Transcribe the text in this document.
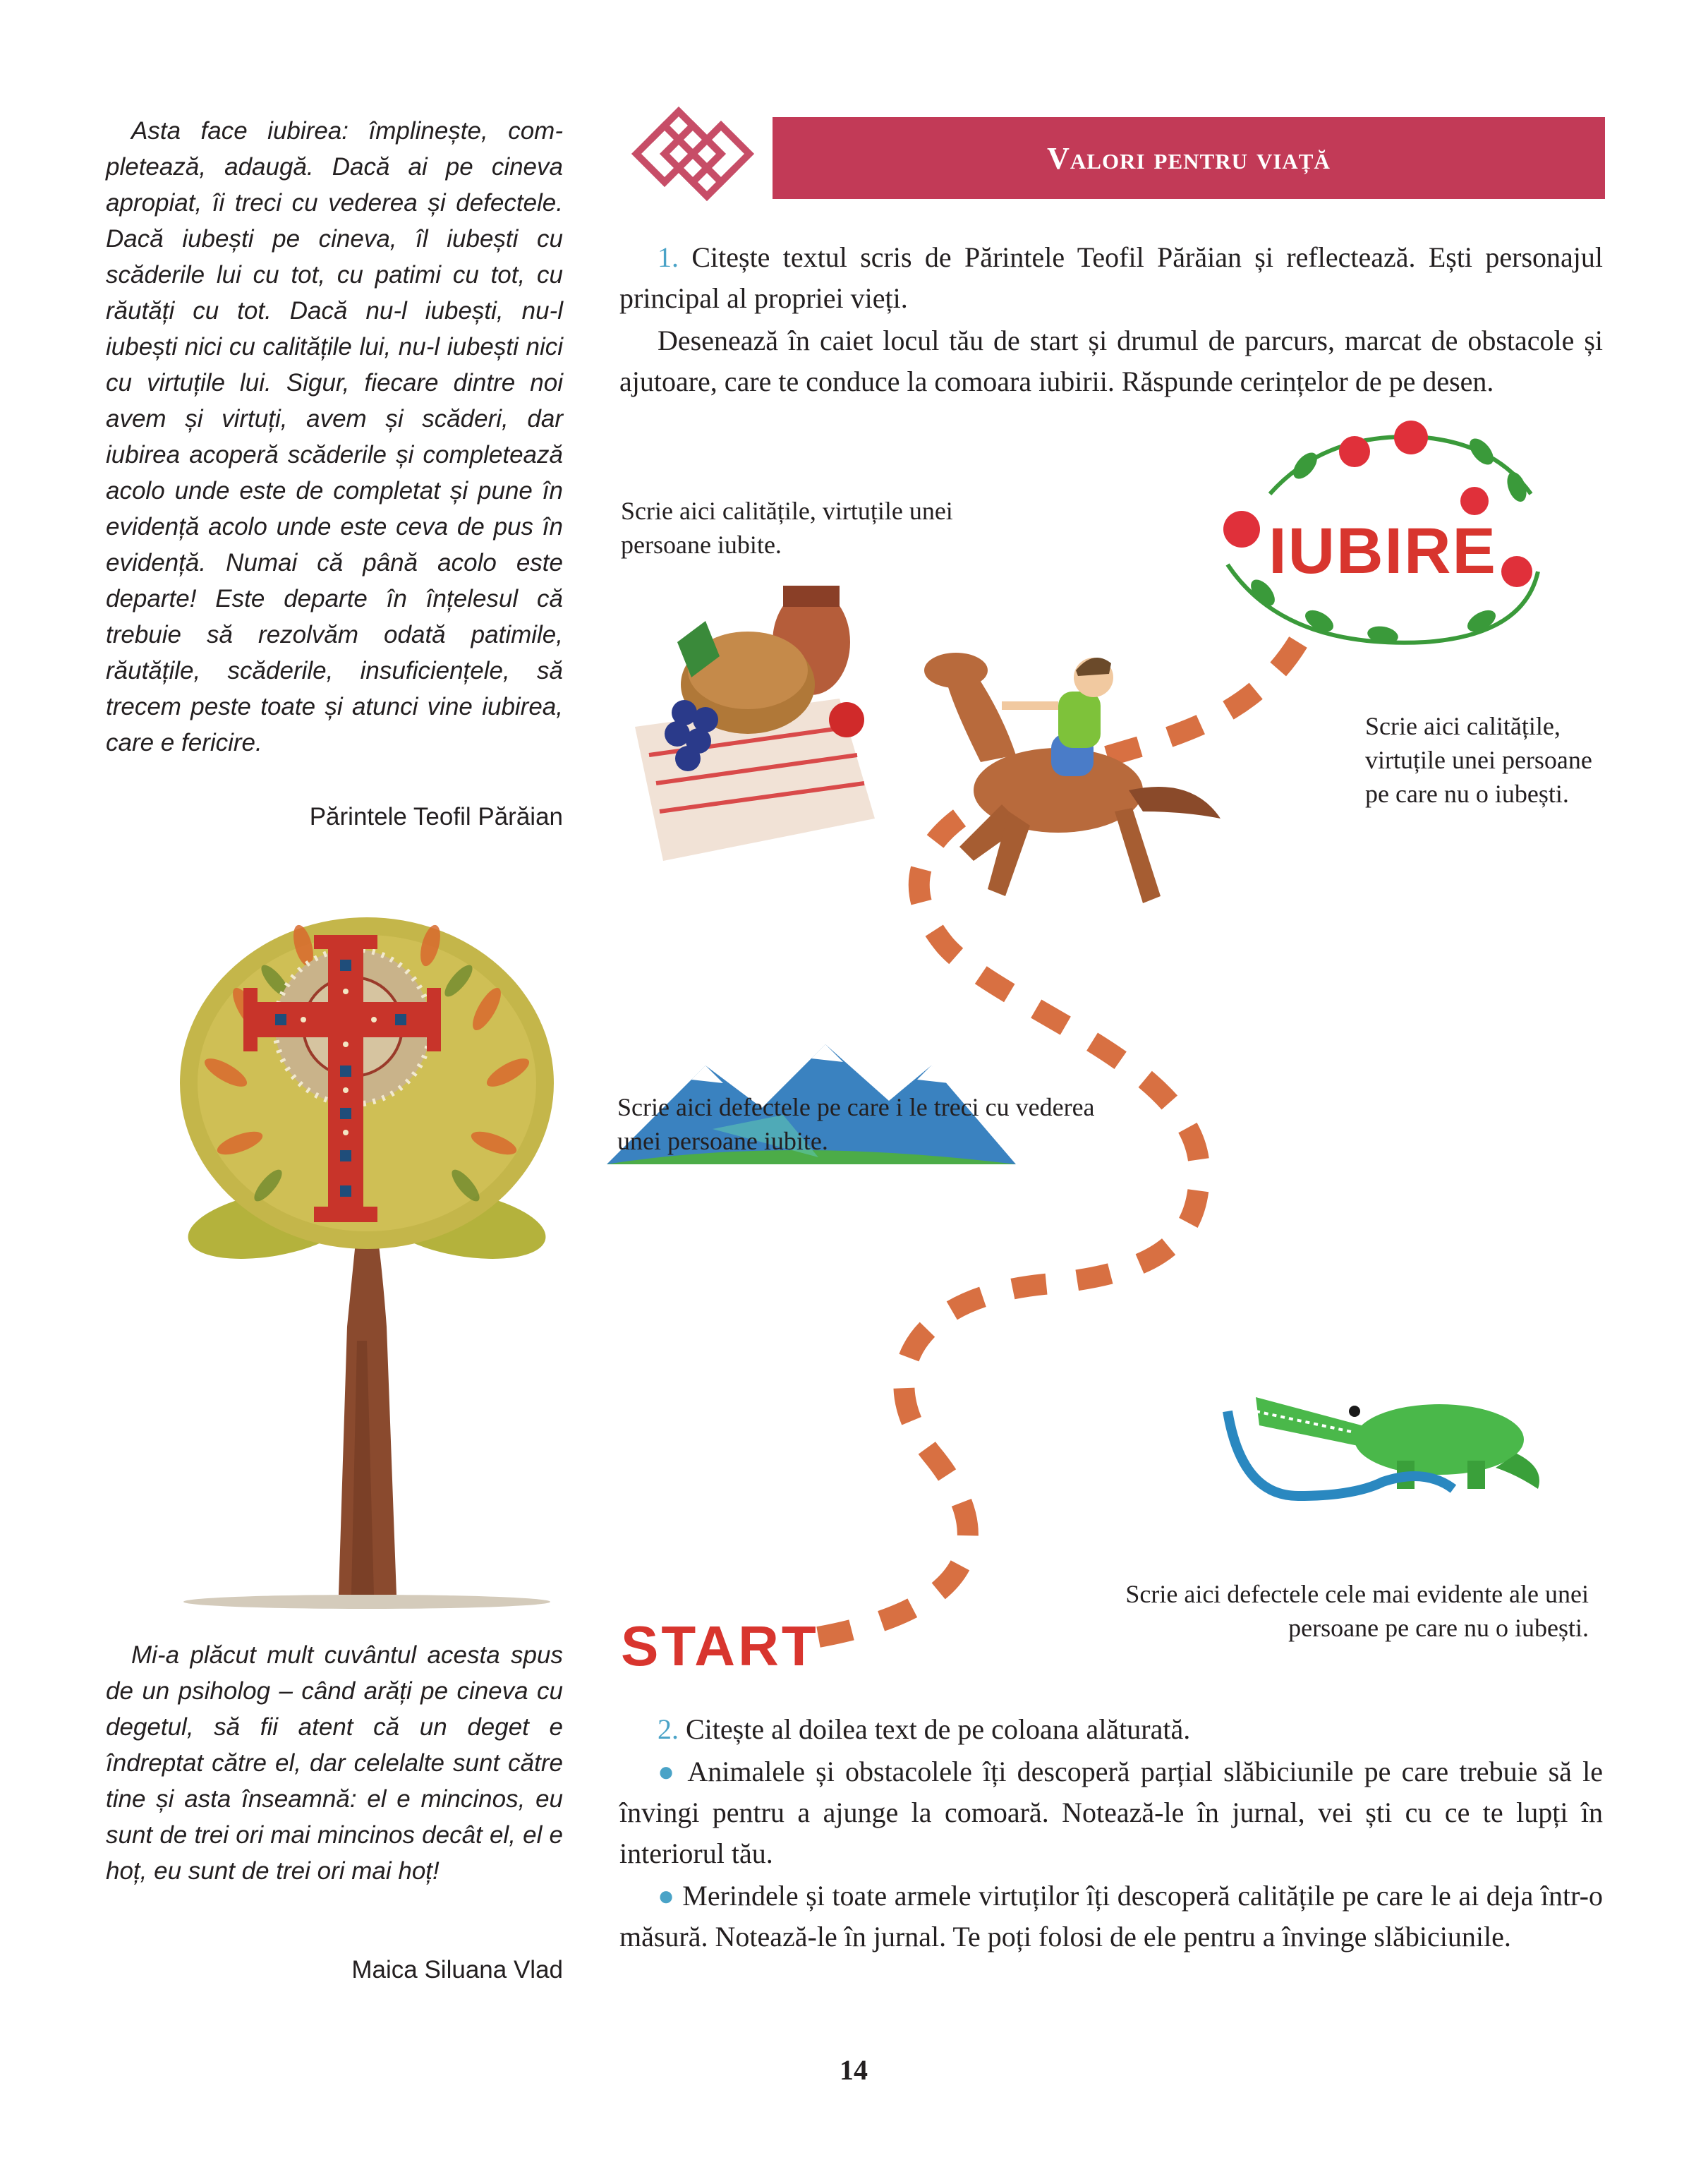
Asta face iubirea: împlinește, completează, adaugă. Dacă ai pe cineva apropiat, îi treci cu vederea și defectele. Dacă iubești pe cineva, îl iubești cu scăderile lui cu tot, cu patimi cu tot, cu răutăți cu tot. Dacă nu-l iubești, nu-l iubești nici cu calitățile lui, nu-l iubești nici cu virtuțile lui. Sigur, fiecare dintre noi avem și virtuți, avem și scăderi, dar iubirea acoperă scăderile și completează acolo unde este de completat și pune în evidență acolo unde este ceva de pus în evidență. Numai că până acolo este departe! Este departe în înțelesul că trebuie să rezolvăm odată patimile, răutățile, scăderile, insuficiențele, să trecem peste toate și atunci vine iubirea, care e fericire.

Părintele Teofil Părăian

Mi-a plăcut mult cuvântul acesta spus de un psiholog – când arăți pe cineva cu degetul, să fii atent că un deget e îndreptat către el, dar celelalte sunt către tine și asta înseamnă: el e mincinos, eu sunt de trei ori mai mincinos decât el, el e hoț, eu sunt de trei ori mai hoț!

Maica Siluana Vlad
Valori pentru viață

1. Citește textul scris de Părintele Teofil Părăian și reflectează. Ești personajul principal al propriei vieți.

Desenează în caiet locul tău de start și drumul de parcurs, marcat de obstacole și ajutoare, care te conduce la comoara iubirii. Răspunde cerințelor de pe desen.

IUBIRE
START
Scrie aici calitățile, virtuțile unei persoane iubite.
Scrie aici calitățile, virtuțile unei persoane pe care nu o iubești.
Scrie aici defectele pe care i le treci cu vederea unei persoane iubite.
Scrie aici defectele cele mai evidente ale unei persoane pe care nu o iubești.

2. Citește al doilea text de pe coloana alăturată.

● Animalele și obstacolele îți descoperă parțial slăbiciunile pe care trebuie să le învingi pentru a ajunge la comoară. Notează-le în jurnal, vei ști cu ce te lupți în interiorul tău.

● Merindele și toate armele virtuților îți descoperă calitățile pe care le ai deja într-o măsură. Notează-le în jurnal. Te poți folosi de ele pentru a învinge slăbiciunile.

14
